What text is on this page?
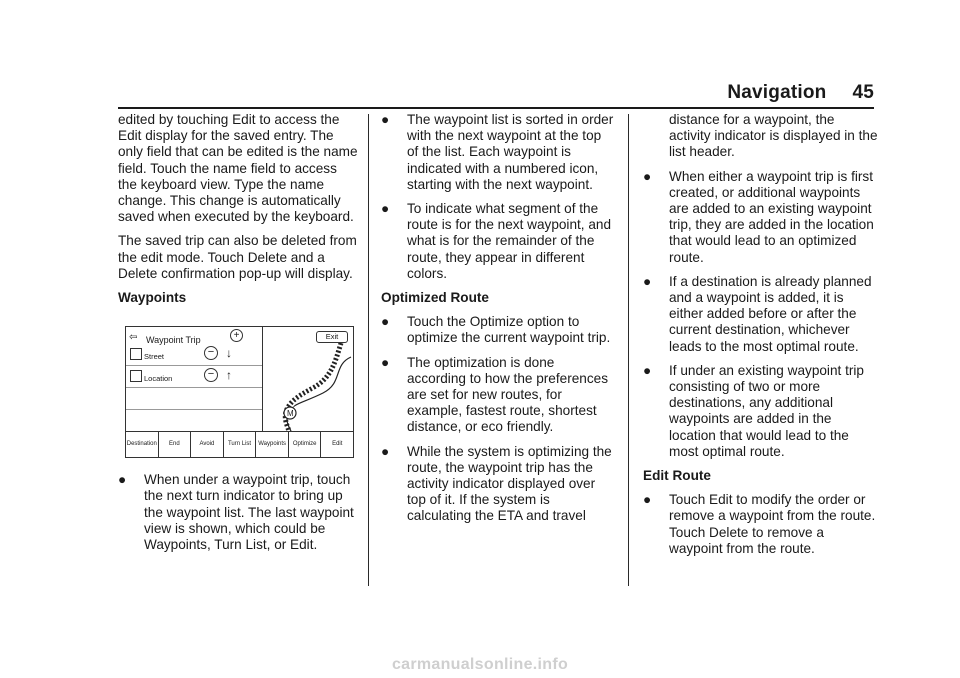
Navigation 45

edited by touching Edit to access the Edit display for the saved entry. The only field that can be edited is the name field. Touch the name field to access the keyboard view. Type the name change. This change is automatically saved when executed by the keyboard.

The saved trip can also be deleted from the edit mode. Touch Delete and a Delete confirmation pop-up will display.

Waypoints
⇦ Waypoint Trip	+	Exit
Street	− ↓
Location	− ↑
M
Destination	End	Avoid	Turn List	Waypoints	Optimize	Edit
●	When under a waypoint trip, touch the next turn indicator to bring up the waypoint list. The last waypoint view is shown, which could be Waypoints, Turn List, or Edit.
●	The waypoint list is sorted in order with the next waypoint at the top of the list. Each waypoint is indicated with a numbered icon, starting with the next waypoint.
●	To indicate what segment of the route is for the next waypoint, and what is for the remainder of the route, they appear in different colors.
Optimized Route
●	Touch the Optimize option to optimize the current waypoint trip.
●	The optimization is done according to how the preferences are set for new routes, for example, fastest route, shortest distance, or eco friendly.
●	While the system is optimizing the route, the waypoint trip has the activity indicator displayed over top of it. If the system is calculating the ETA and travel
distance for a waypoint, the activity indicator is displayed in the list header.
●	When either a waypoint trip is first created, or additional waypoints are added to an existing waypoint trip, they are added in the location that would lead to an optimized route.
●	If a destination is already planned and a waypoint is added, it is either added before or after the current destination, whichever leads to the most optimal route.
●	If under an existing waypoint trip consisting of two or more destinations, any additional waypoints are added in the location that would lead to the most optimal route.
Edit Route
●	Touch Edit to modify the order or remove a waypoint from the route. Touch Delete to remove a waypoint from the route.
carmanualsonline.info
